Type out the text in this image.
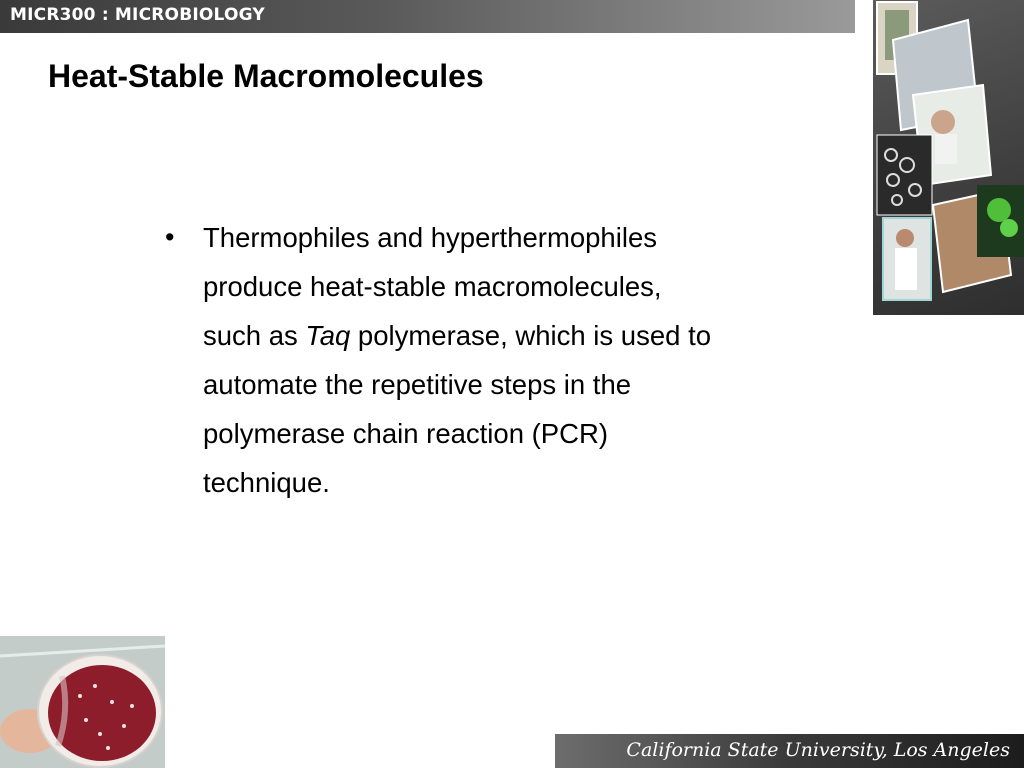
MICR300 : MICROBIOLOGY
Heat-Stable Macromolecules
• Thermophiles and hyperthermophiles
produce heat-stable macromolecules,
such as Taq polymerase, which is used to
automate the repetitive steps in the
polymerase chain reaction (PCR)
technique.
California State University, Los Angeles
